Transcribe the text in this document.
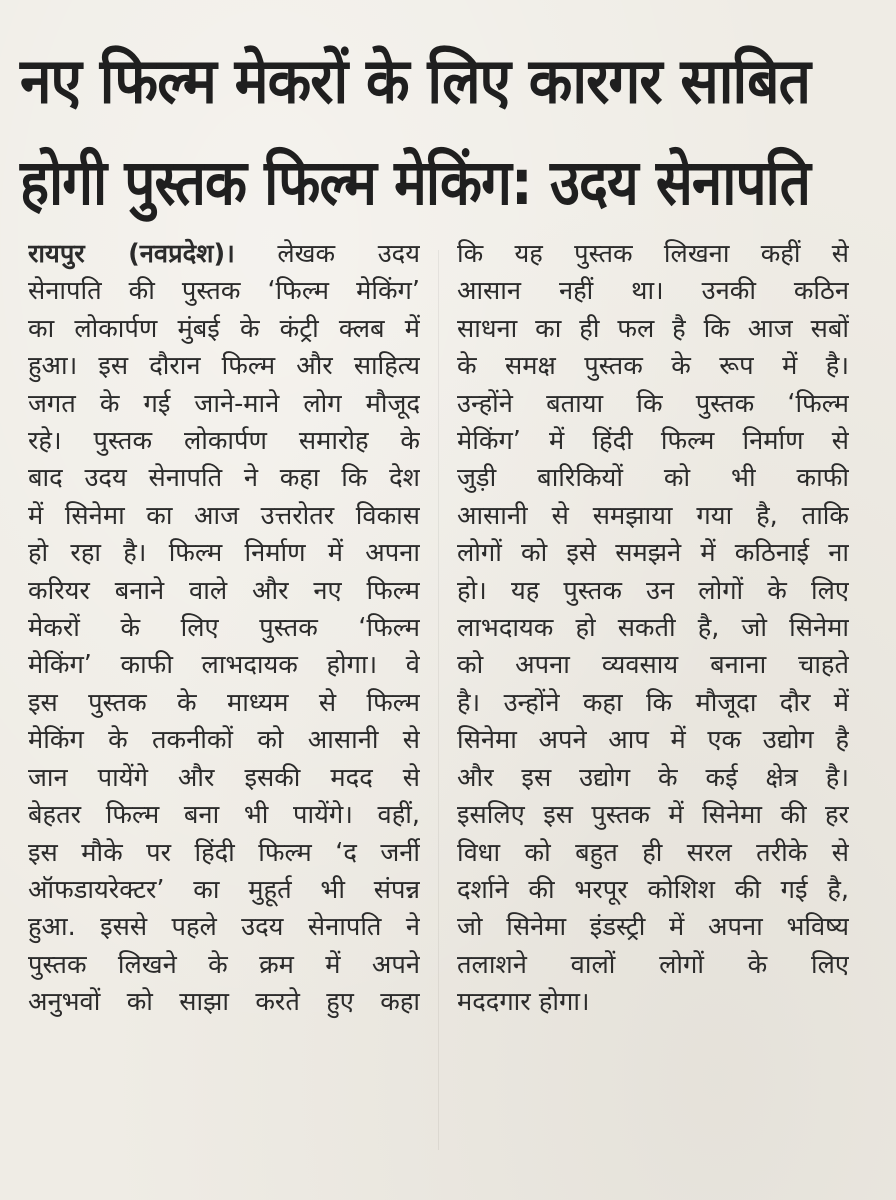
नए फिल्म मेकरों के लिए कारगर साबित
होगी पुस्तक फिल्म मेकिंग: उदय सेनापति
रायपुर (नवप्रदेश)। लेखक उदय
सेनापति की पुस्तक ‘फिल्म मेकिंग’
का लोकार्पण मुंबई के कंट्री क्लब में
हुआ। इस दौरान फिल्म और साहित्य
जगत के गई जाने-माने लोग मौजूद
रहे। पुस्तक लोकार्पण समारोह के
बाद उदय सेनापति ने कहा कि देश
में सिनेमा का आज उत्तरोतर विकास
हो रहा है। फिल्म निर्माण में अपना
करियर बनाने वाले और नए फिल्म
मेकरों के लिए पुस्तक ‘फिल्म
मेकिंग’ काफी लाभदायक होगा। वे
इस पुस्तक के माध्यम से फिल्म
मेकिंग के तकनीकों को आसानी से
जान पायेंगे और इसकी मदद से
बेहतर फिल्म बना भी पायेंगे। वहीं,
इस मौके पर हिंदी फिल्म ‘द जर्नी
ऑफडायरेक्टर’ का मुहूर्त भी संपन्न
हुआ. इससे पहले उदय सेनापति ने
पुस्तक लिखने के क्रम में अपने
अनुभवों को साझा करते हुए कहा
कि यह पुस्तक लिखना कहीं से
आसान नहीं था। उनकी कठिन
साधना का ही फल है कि आज सबों
के समक्ष पुस्तक के रूप में है।
उन्होंने बताया कि पुस्तक ‘फिल्म
मेकिंग’ में हिंदी फिल्म निर्माण से
जुड़ी बारिकियों को भी काफी
आसानी से समझाया गया है, ताकि
लोगों को इसे समझने में कठिनाई ना
हो। यह पुस्तक उन लोगों के लिए
लाभदायक हो सकती है, जो सिनेमा
को अपना व्यवसाय बनाना चाहते
है। उन्होंने कहा कि मौजूदा दौर में
सिनेमा अपने आप में एक उद्योग है
और इस उद्योग के कई क्षेत्र है।
इसलिए इस पुस्तक में सिनेमा की हर
विधा को बहुत ही सरल तरीके से
दर्शाने की भरपूर कोशिश की गई है,
जो सिनेमा इंडस्ट्री में अपना भविष्य
तलाशने वालों लोगों के लिए
मददगार होगा।
